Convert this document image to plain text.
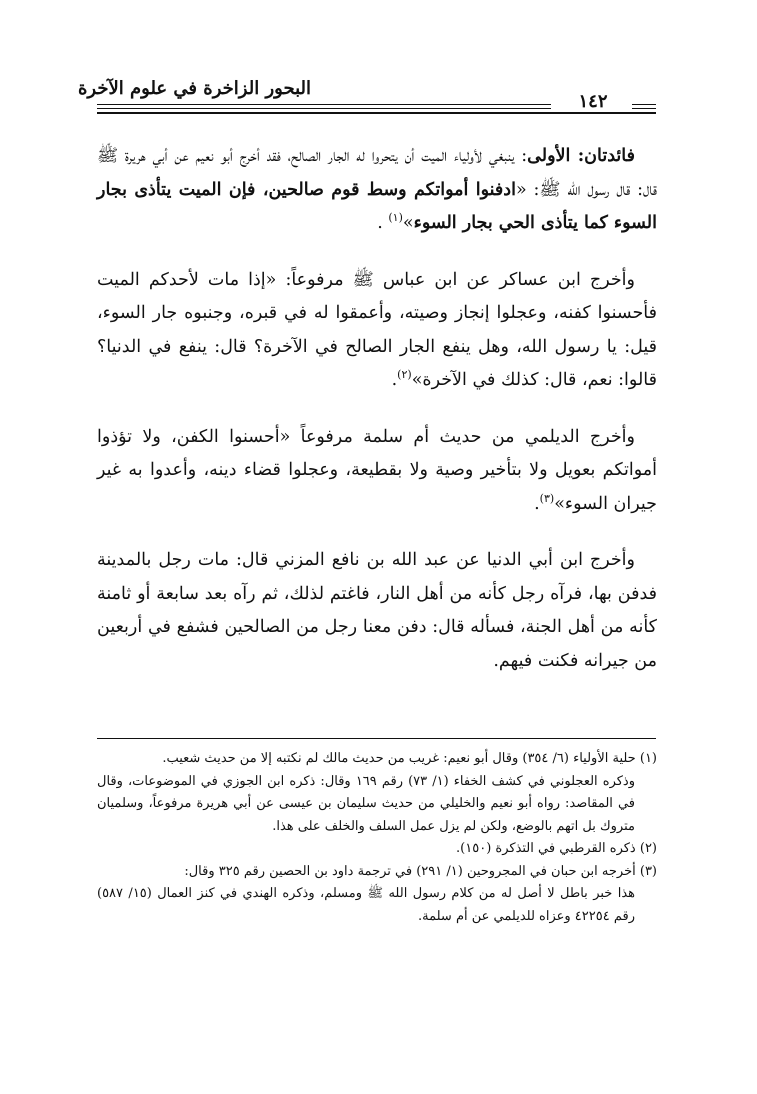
البحور الزاخرة في علوم الآخرة
١٤٢

فائدتان: الأولى: ينبغي لأولياء الميت أن يتحروا له الجار الصالح، فقد أخرج أبو نعيم عن أبي هريرة ﷺ قال: قال رسول الله ﷺ: «ادفنوا أمواتكم وسط قوم صالحين، فإن الميت يتأذى بجار السوء كما يتأذى الحي بجار السوء»$^{(١)}$ .

وأخرج ابن عساكر عن ابن عباس ﷺ مرفوعاً: «إذا مات لأحدكم الميت فأحسنوا كفنه، وعجلوا إنجاز وصيته، وأعمقوا له في قبره، وجنبوه جار السوء، قيل: يا رسول الله، وهل ينفع الجار الصالح في الآخرة؟ قال: ينفع في الدنيا؟ قالوا: نعم، قال: كذلك في الآخرة»$^{(٢)}$.

وأخرج الديلمي من حديث أم سلمة مرفوعاً «أحسنوا الكفن، ولا تؤذوا أمواتكم بعويل ولا بتأخير وصية ولا بقطيعة، وعجلوا قضاء دينه، وأعدوا به غير جيران السوء»$^{(٣)}$.

وأخرج ابن أبي الدنيا عن عبد الله بن نافع المزني قال: مات رجل بالمدينة فدفن بها، فرآه رجل كأنه من أهل النار، فاغتم لذلك، ثم رآه بعد سابعة أو ثامنة كأنه من أهل الجنة، فسأله قال: دفن معنا رجل من الصالحين فشفع في أربعين من جيرانه فكنت فيهم.

(١) حلية الأولياء (٦/ ٣٥٤) وقال أبو نعيم: غريب من حديث مالك لم نكتبه إلا من حديث شعيب.

وذكره العجلوني في كشف الخفاء (١/ ٧٣) رقم ١٦٩ وقال: ذكره ابن الجوزي في الموضوعات، وقال في المقاصد: رواه أبو نعيم والخليلي من حديث سليمان بن عيسى عن أبي هريرة مرفوعاً، وسلميان متروك بل اتهم بالوضع، ولكن لم يزل عمل السلف والخلف على هذا.

(٢) ذكره القرطبي في التذكرة (١٥٠).

(٣) أخرجه ابن حبان في المجروحين (١/ ٢٩١) في ترجمة داود بن الحصين رقم ٣٢٥ وقال:

هذا خبر باطل لا أصل له من كلام رسول الله ﷺ ومسلم، وذكره الهندي في كنز العمال (١٥/ ٥٨٧) رقم ٤٢٢٥٤ وعزاه للديلمي عن أم سلمة.
